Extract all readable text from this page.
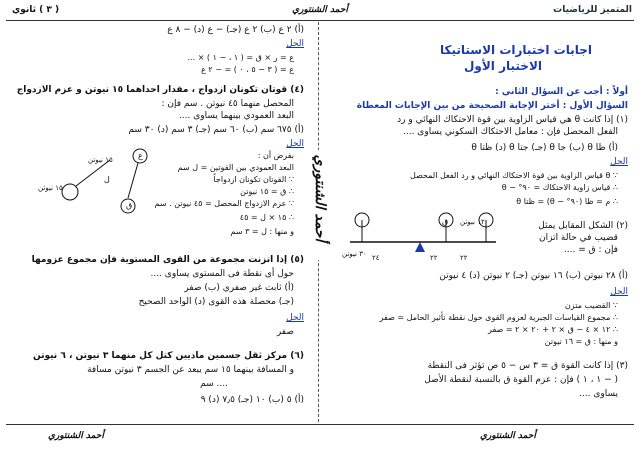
المتميز للرياضيات
أحمد الشنتوري
( ٣ ) ثانوي
أحمد الشنتوري
اجابات اختبارات الاستاتيكا
الاختبار الأول
أولاً : أجب عن السؤال الثاني :
السؤال الأول : أختر الإجابة الصحيحة من بين الإجابات المعطاة
(١) إذا كانت θ هي قياس الزاوية بين قوة الاحتكاك النهائي و رد
الفعل المحصل فإن : معامل الاحتكاك السكوني يساوى ....
(أ) ظا θ (ب) جا θ (جـ) جتا θ (د) ظتا θ
الحل
∵ θ قياس الزاوية بين قوة الاحتكاك النهائي و رد الفعل المحصل
∴ قياس زاوية الاحتكاك = ٩٠° − θ
∴ م = ظا (٩٠° − θ) = ظتا θ
(٢) الشكل المقابل يمثل
قضيب في حالة اتزان
فإن : ق = ....
٣٠ نيوتن
ق ١٢ نيوتن
٢٤	٢٢	٢٢
(أ) ٢٨ نيوتن (ب) ١٦ نيوتن (جـ) ٢ نيوتن (د) ٤ نيوتن
الحل
∵ القضيب متزن
∴ مجموع القياسات الجبرية لعزوم القوى حول نقطة تأثير الحامل = صفر
∴ ١٢ × ٤ − ق × ٢ + ٢٠ × ٢ = صفر
و منها : ق = ١٦ نيوتن
(٣) إذا كانت القوة ق = ٣ س − ٥ ص تؤثر فى النقطة
( − ١ ، ١ ) فإن : عزم القوة ق بالنسبة لنقطة الأصل
يساوى ....
(أ) ٢ ع (ب) ٢ ع (جـ) − ع (د) − ٨ ع
الحل
ع = ر × ق = ( ١ ، − ١ ) × ...
ع = ( ٣ − ٥ ، ٠ ) = − ٢ ع
(٤) قوتان تكونان ازدواج ، مقدار احداهما ١٥ نيوتن و عزم الازدواج
المحصل منهما ٤٥ نيوتن . سم فإن :
البعد العمودي بينهما يساوى ....
(أ) ٦٧٥ سم (ب) ٦٠ سم (جـ) ٣ سم (د) ٣٠ سم
الحل
بفرض أن :
البعد العمودي بين القوتين = ل سم
∵ القوتان تكونان ازدواجاً
∴ ق = ١٥ نيوتن
∵ عزم الازدواج المحصل = ٤٥ نيوتن . سم
∴ ١٥ × ل = ٤٥
و منها : ل = ٣ سم
ع
ق
١٥ نيوتن
١٥ نيوتن
ل
(٥) إذا اتزنت مجموعة من القوى المستوية فإن مجموع عزومها
حول أى نقطة فى المستوى يساوى ....
(أ) ثابت غير صفري (ب) صفر
(جـ) محصلة هذه القوى (د) الواحد الصحيح
الحل
صفر
(٦) مركز ثقل جسمين ماديين كتل كل منهما ٣ نيوتن ، ٦ نيوتن
و المسافة بينهما ١٥ سم يبعد عن الجسم ٣ نيوتن مسافة
.... سم
(أ) ٥ (ب) ١٠ (جـ) ٧٫٥ (د) ٩
أحمد الشنتوري	أحمد الشنتوري
